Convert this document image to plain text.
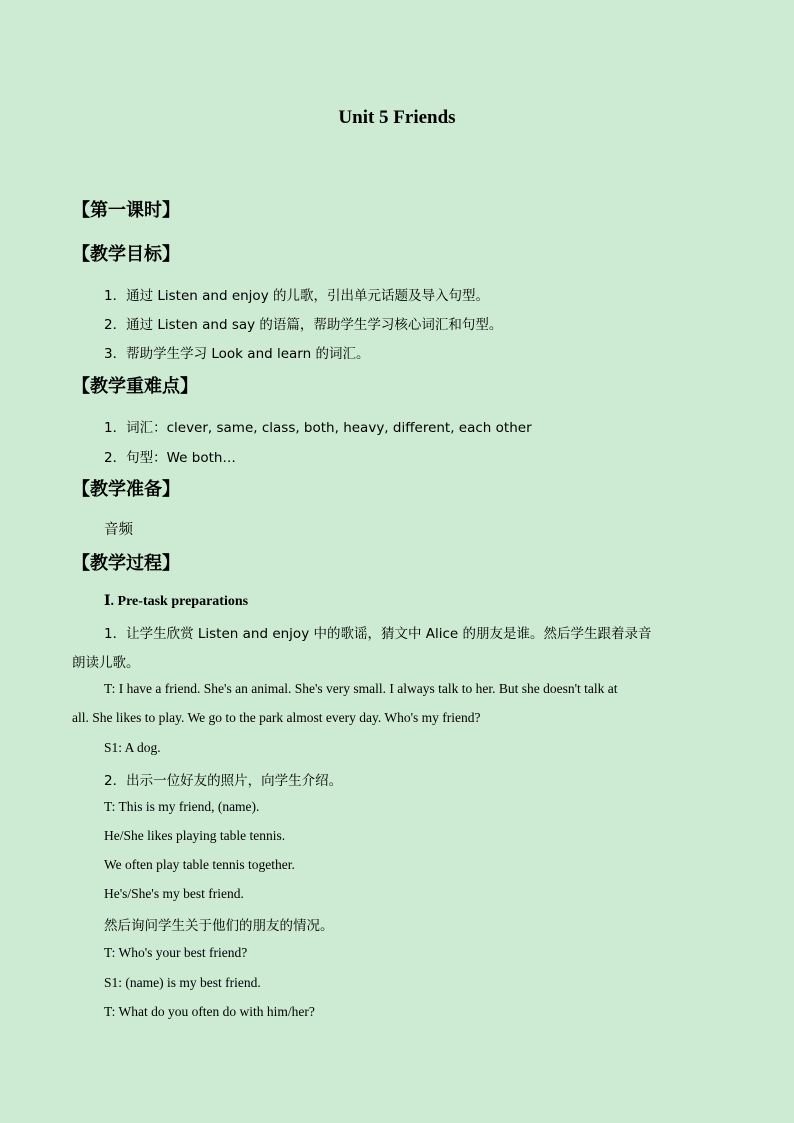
Unit 5 Friends
【第一课时】
【教学目标】
1．通过 Listen and enjoy 的儿歌，引出单元话题及导入句型。
2．通过 Listen and say 的语篇，帮助学生学习核心词汇和句型。
3．帮助学生学习 Look and learn 的词汇。
【教学重难点】
1．词汇：clever, same, class, both, heavy, different, each other
2．句型：We both…
【教学准备】
音频
【教学过程】
Ⅰ. Pre-task preparations
1．让学生欣赏 Listen and enjoy 中的歌谣，猜文中 Alice 的朋友是谁。然后学生跟着录音
朗读儿歌。
T: I have a friend. She's an animal. She's very small. I always talk to her. But she doesn't talk at
all. She likes to play. We go to the park almost every day. Who's my friend?
S1: A dog.
2．出示一位好友的照片，向学生介绍。
T: This is my friend, (name).
He/She likes playing table tennis.
We often play table tennis together.
He's/She's my best friend.
然后询问学生关于他们的朋友的情况。
T: Who's your best friend?
S1: (name) is my best friend.
T: What do you often do with him/her?
